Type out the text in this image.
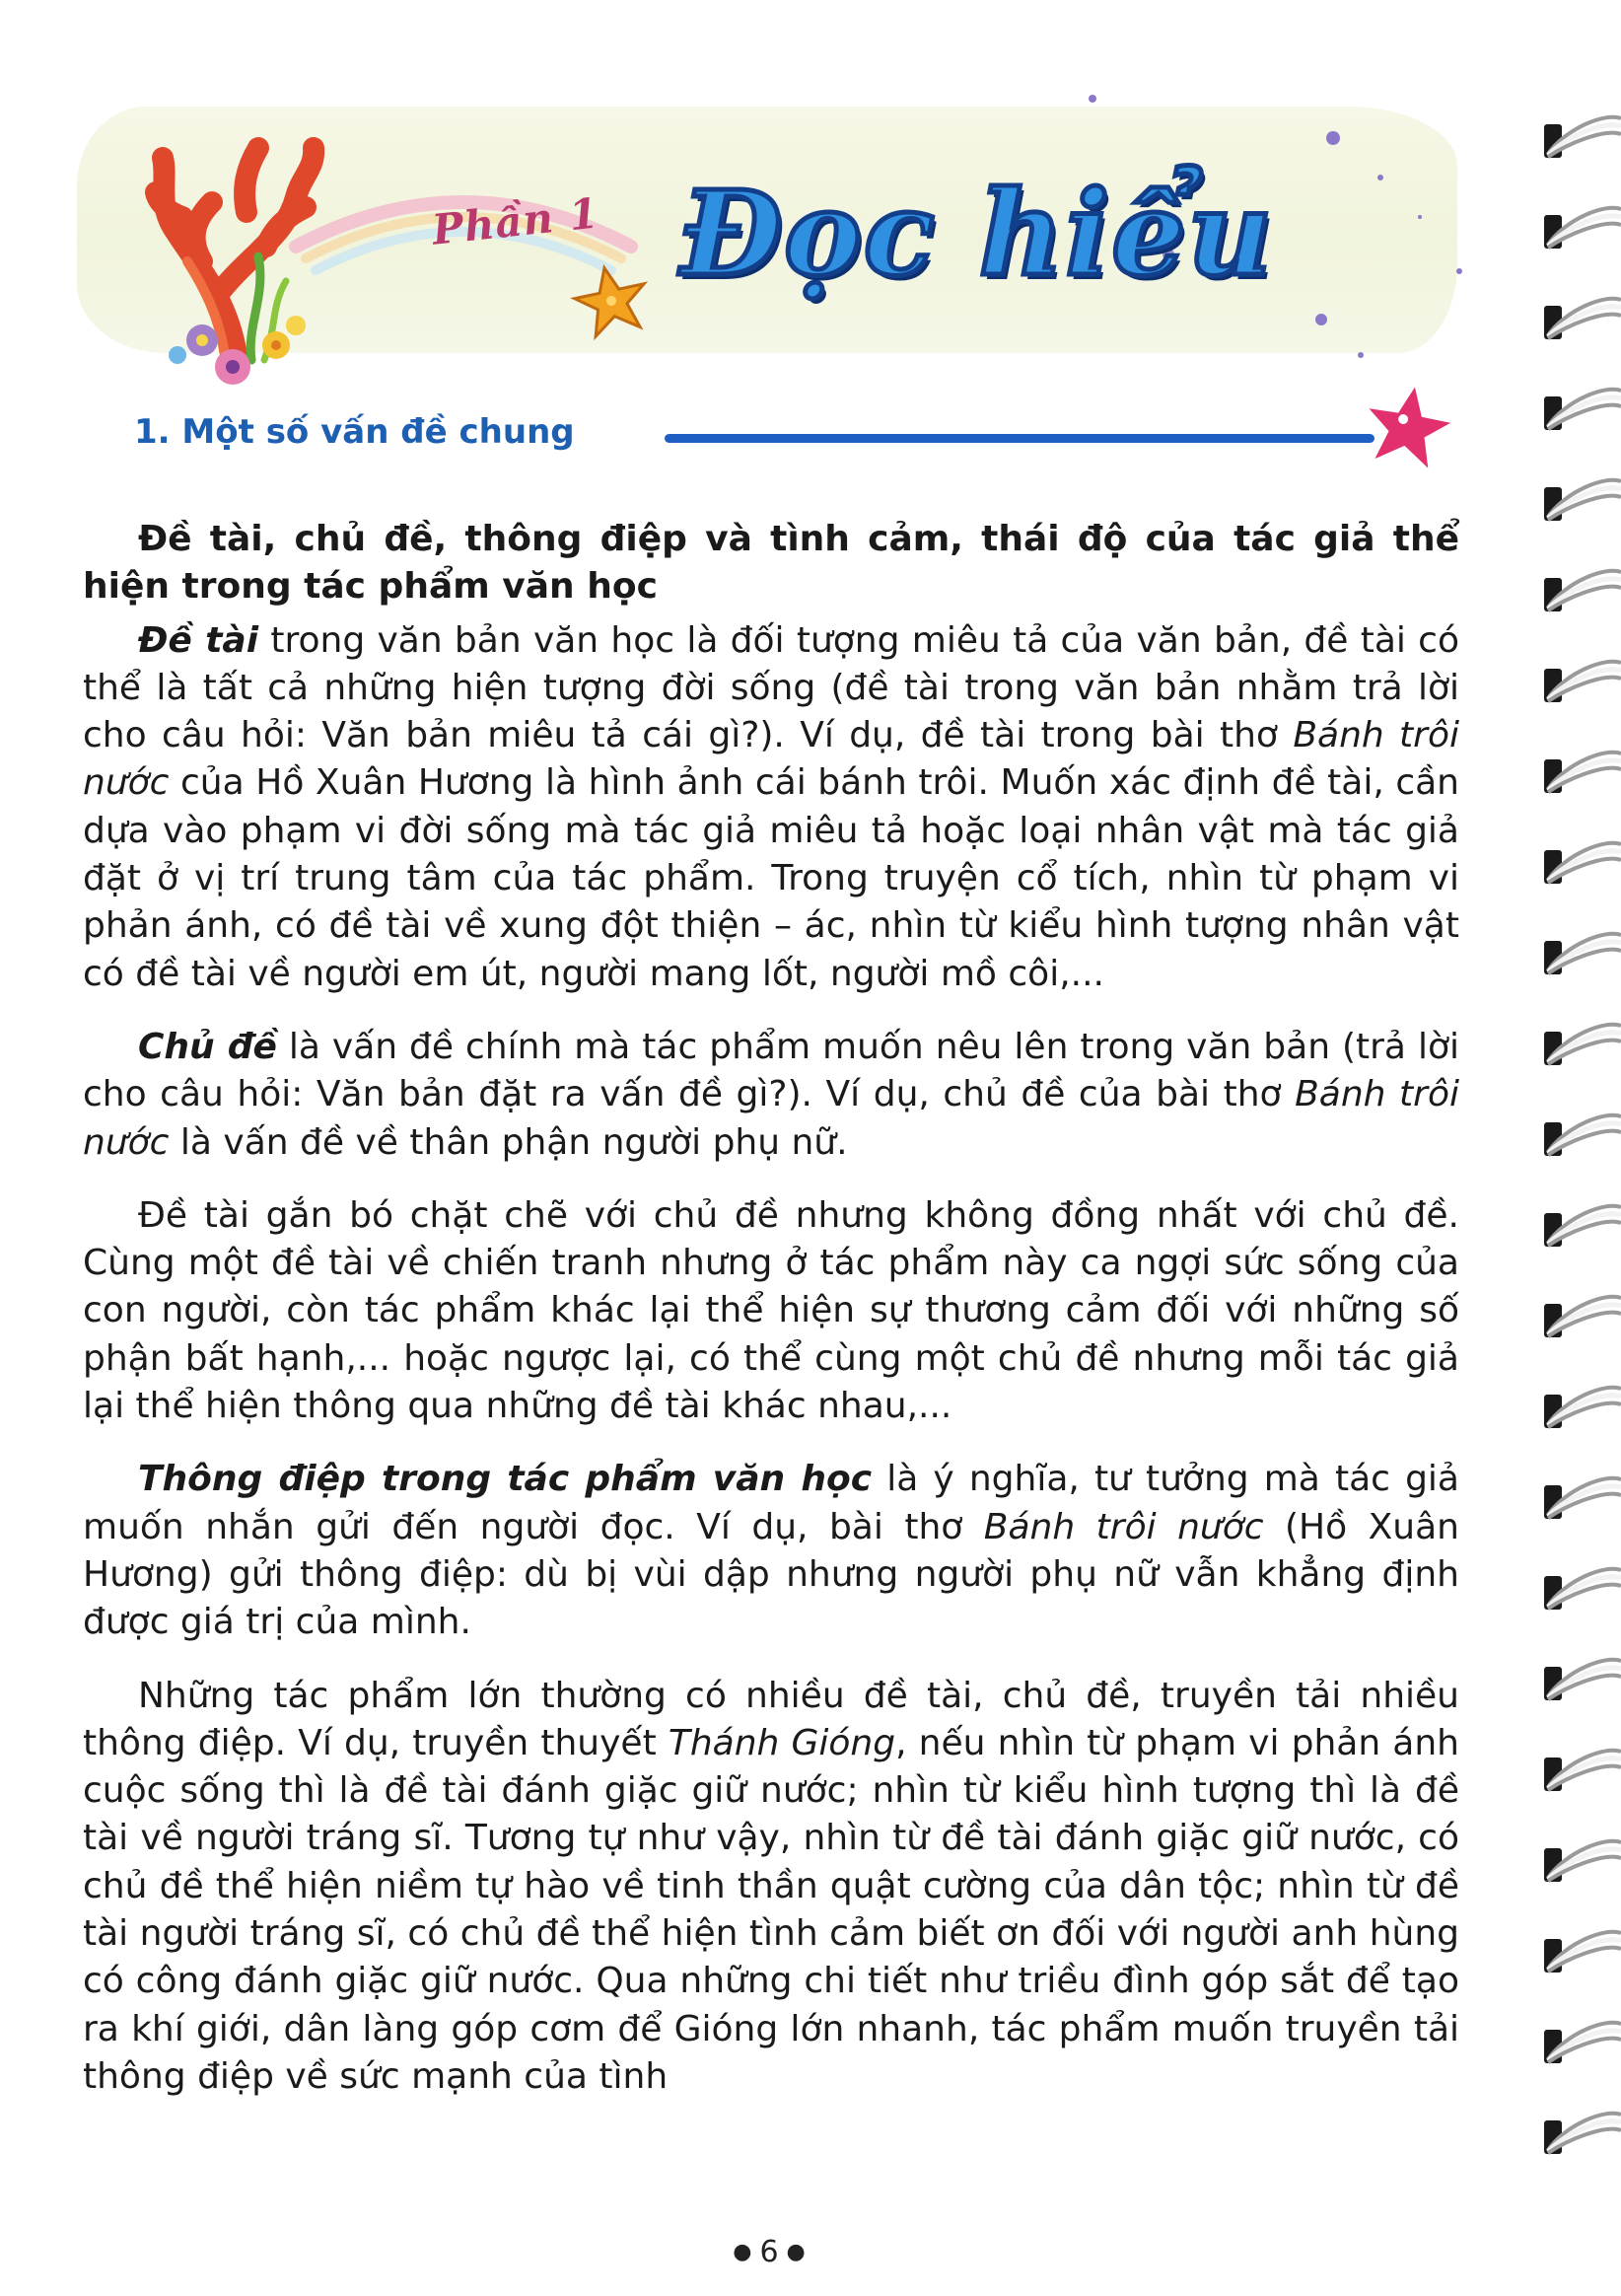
Phần 1 Đọc hiểu
1. Một số vấn đề chung

Đề tài, chủ đề, thông điệp và tình cảm, thái độ của tác giả thể hiện trong tác phẩm văn học

Đề tài trong văn bản văn học là đối tượng miêu tả của văn bản, đề tài có thể là tất cả những hiện tượng đời sống (đề tài trong văn bản nhằm trả lời cho câu hỏi: Văn bản miêu tả cái gì?). Ví dụ, đề tài trong bài thơ Bánh trôi nước của Hồ Xuân Hương là hình ảnh cái bánh trôi. Muốn xác định đề tài, cần dựa vào phạm vi đời sống mà tác giả miêu tả hoặc loại nhân vật mà tác giả đặt ở vị trí trung tâm của tác phẩm. Trong truyện cổ tích, nhìn từ phạm vi phản ánh, có đề tài về xung đột thiện – ác, nhìn từ kiểu hình tượng nhân vật có đề tài về người em út, người mang lốt, người mồ côi,...

Chủ đề là vấn đề chính mà tác phẩm muốn nêu lên trong văn bản (trả lời cho câu hỏi: Văn bản đặt ra vấn đề gì?). Ví dụ, chủ đề của bài thơ Bánh trôi nước là vấn đề về thân phận người phụ nữ.

Đề tài gắn bó chặt chẽ với chủ đề nhưng không đồng nhất với chủ đề. Cùng một đề tài về chiến tranh nhưng ở tác phẩm này ca ngợi sức sống của con người, còn tác phẩm khác lại thể hiện sự thương cảm đối với những số phận bất hạnh,... hoặc ngược lại, có thể cùng một chủ đề nhưng mỗi tác giả lại thể hiện thông qua những đề tài khác nhau,...

Thông điệp trong tác phẩm văn học là ý nghĩa, tư tưởng mà tác giả muốn nhắn gửi đến người đọc. Ví dụ, bài thơ Bánh trôi nước (Hồ Xuân Hương) gửi thông điệp: dù bị vùi dập nhưng người phụ nữ vẫn khẳng định được giá trị của mình.

Những tác phẩm lớn thường có nhiều đề tài, chủ đề, truyền tải nhiều thông điệp. Ví dụ, truyền thuyết Thánh Gióng, nếu nhìn từ phạm vi phản ánh cuộc sống thì là đề tài đánh giặc giữ nước; nhìn từ kiểu hình tượng thì là đề tài về người tráng sĩ. Tương tự như vậy, nhìn từ đề tài đánh giặc giữ nước, có chủ đề thể hiện niềm tự hào về tinh thần quật cường của dân tộc; nhìn từ đề tài người tráng sĩ, có chủ đề thể hiện tình cảm biết ơn đối với người anh hùng có công đánh giặc giữ nước. Qua những chi tiết như triều đình góp sắt để tạo ra khí giới, dân làng góp cơm để Gióng lớn nhanh, tác phẩm muốn truyền tải thông điệp về sức mạnh của tình

● 6 ●
